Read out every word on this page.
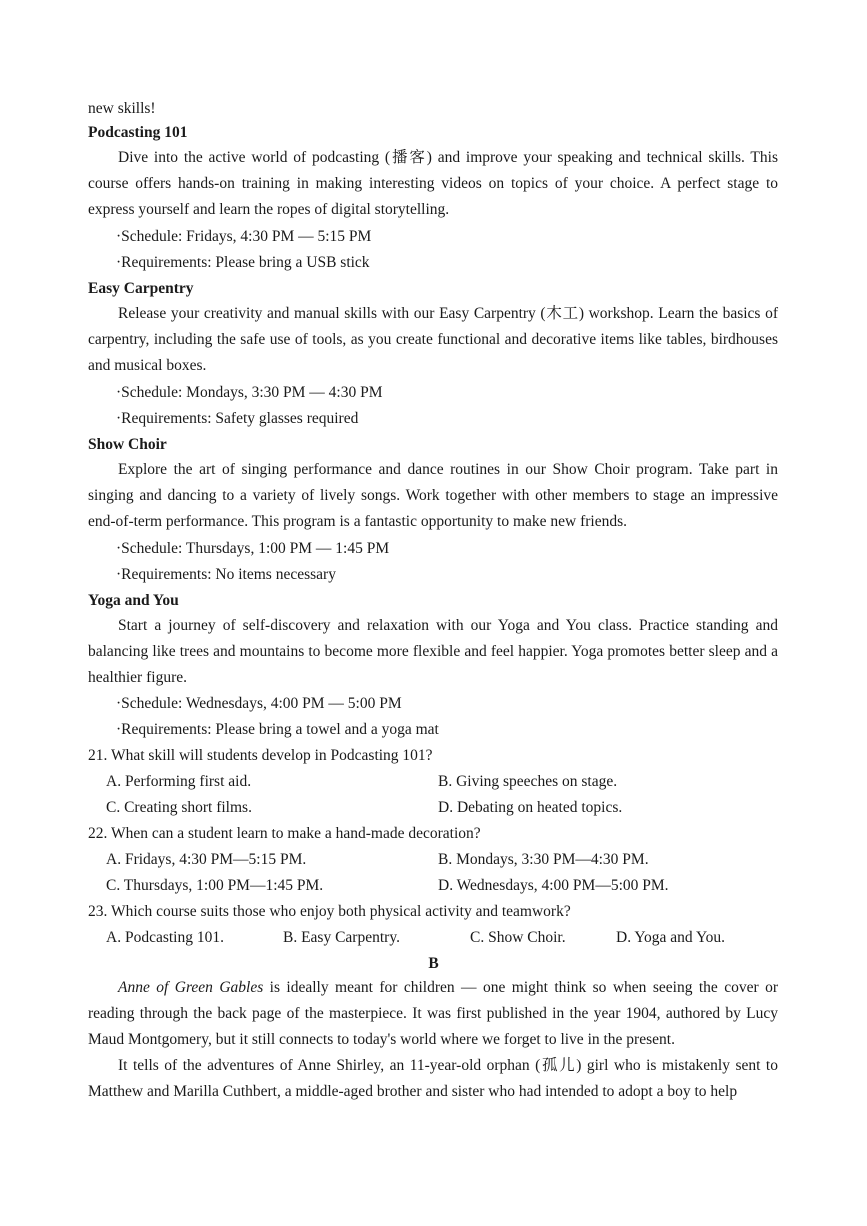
new skills!
Podcasting 101
Dive into the active world of podcasting (播客) and improve your speaking and technical skills. This course offers hands-on training in making interesting videos on topics of your choice. A perfect stage to express yourself and learn the ropes of digital storytelling.
·Schedule: Fridays, 4:30 PM — 5:15 PM
·Requirements: Please bring a USB stick
Easy Carpentry
Release your creativity and manual skills with our Easy Carpentry (木工) workshop. Learn the basics of carpentry, including the safe use of tools, as you create functional and decorative items like tables, birdhouses and musical boxes.
·Schedule: Mondays, 3:30 PM — 4:30 PM
·Requirements: Safety glasses required
Show Choir
Explore the art of singing performance and dance routines in our Show Choir program. Take part in singing and dancing to a variety of lively songs. Work together with other members to stage an impressive end-of-term performance. This program is a fantastic opportunity to make new friends.
·Schedule: Thursdays, 1:00 PM — 1:45 PM
·Requirements: No items necessary
Yoga and You
Start a journey of self-discovery and relaxation with our Yoga and You class. Practice standing and balancing like trees and mountains to become more flexible and feel happier. Yoga promotes better sleep and a healthier figure.
·Schedule: Wednesdays, 4:00 PM — 5:00 PM
·Requirements: Please bring a towel and a yoga mat
21. What skill will students develop in Podcasting 101?
A. Performing first aid.	B. Giving speeches on stage.
C. Creating short films.	D. Debating on heated topics.
22. When can a student learn to make a hand-made decoration?
A. Fridays, 4:30 PM—5:15 PM.	B. Mondays, 3:30 PM—4:30 PM.
C. Thursdays, 1:00 PM—1:45 PM.	D. Wednesdays, 4:00 PM—5:00 PM.
23. Which course suits those who enjoy both physical activity and teamwork?
A. Podcasting 101.	B. Easy Carpentry.	C. Show Choir.	D. Yoga and You.
B
Anne of Green Gables is ideally meant for children — one might think so when seeing the cover or reading through the back page of the masterpiece. It was first published in the year 1904, authored by Lucy Maud Montgomery, but it still connects to today's world where we forget to live in the present.
It tells of the adventures of Anne Shirley, an 11-year-old orphan (孤儿) girl who is mistakenly sent to Matthew and Marilla Cuthbert, a middle-aged brother and sister who had intended to adopt a boy to help
